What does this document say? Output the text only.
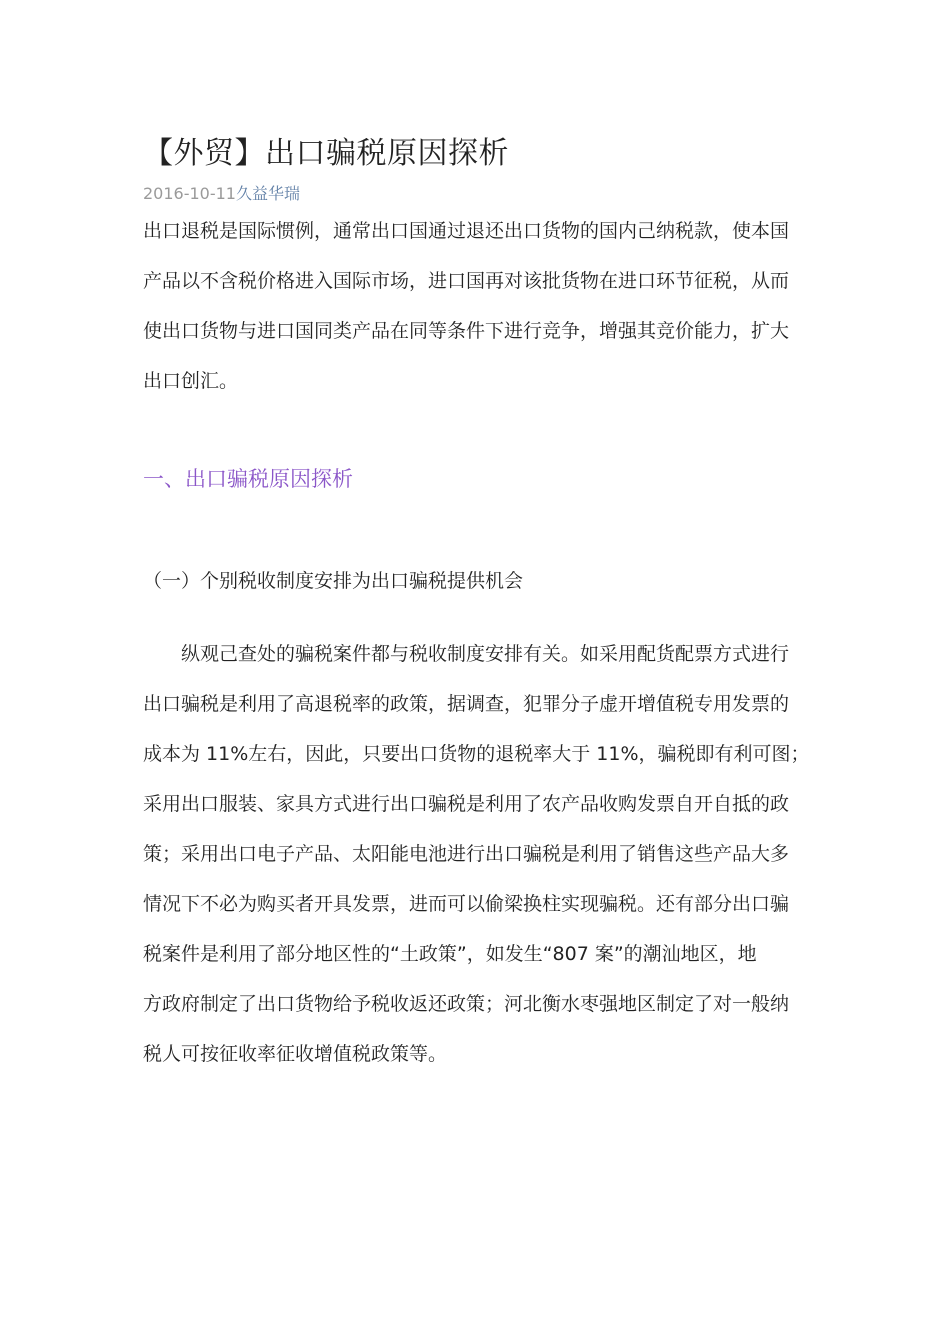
【外贸】出口骗税原因探析
2016-10-11久益华瑞

出口退税是国际惯例，通常出口国通过退还出口货物的国内己纳税款，使本国
产品以不含税价格进入国际市场，进口国再对该批货物在进口环节征税，从而
使出口货物与进口国同类产品在同等条件下进行竞争，增强其竞价能力，扩大
出口创汇。

一、出口骗税原因探析
（一）个别税收制度安排为出口骗税提供机会

　　纵观己查处的骗税案件都与税收制度安排有关。如采用配货配票方式进行
出口骗税是利用了高退税率的政策，据调查，犯罪分子虚开增值税专用发票的
成本为 11%左右，因此，只要出口货物的退税率大于 11%，骗税即有利可图；
采用出口服装、家具方式进行出口骗税是利用了农产品收购发票自开自抵的政
策；采用出口电子产品、太阳能电池进行出口骗税是利用了销售这些产品大多
情况下不必为购买者开具发票，进而可以偷梁换柱实现骗税。还有部分出口骗
税案件是利用了部分地区性的“土政策”，如发生“807 案”的潮汕地区，地
方政府制定了出口货物给予税收返还政策；河北衡水枣强地区制定了对一般纳
税人可按征收率征收增值税政策等。
